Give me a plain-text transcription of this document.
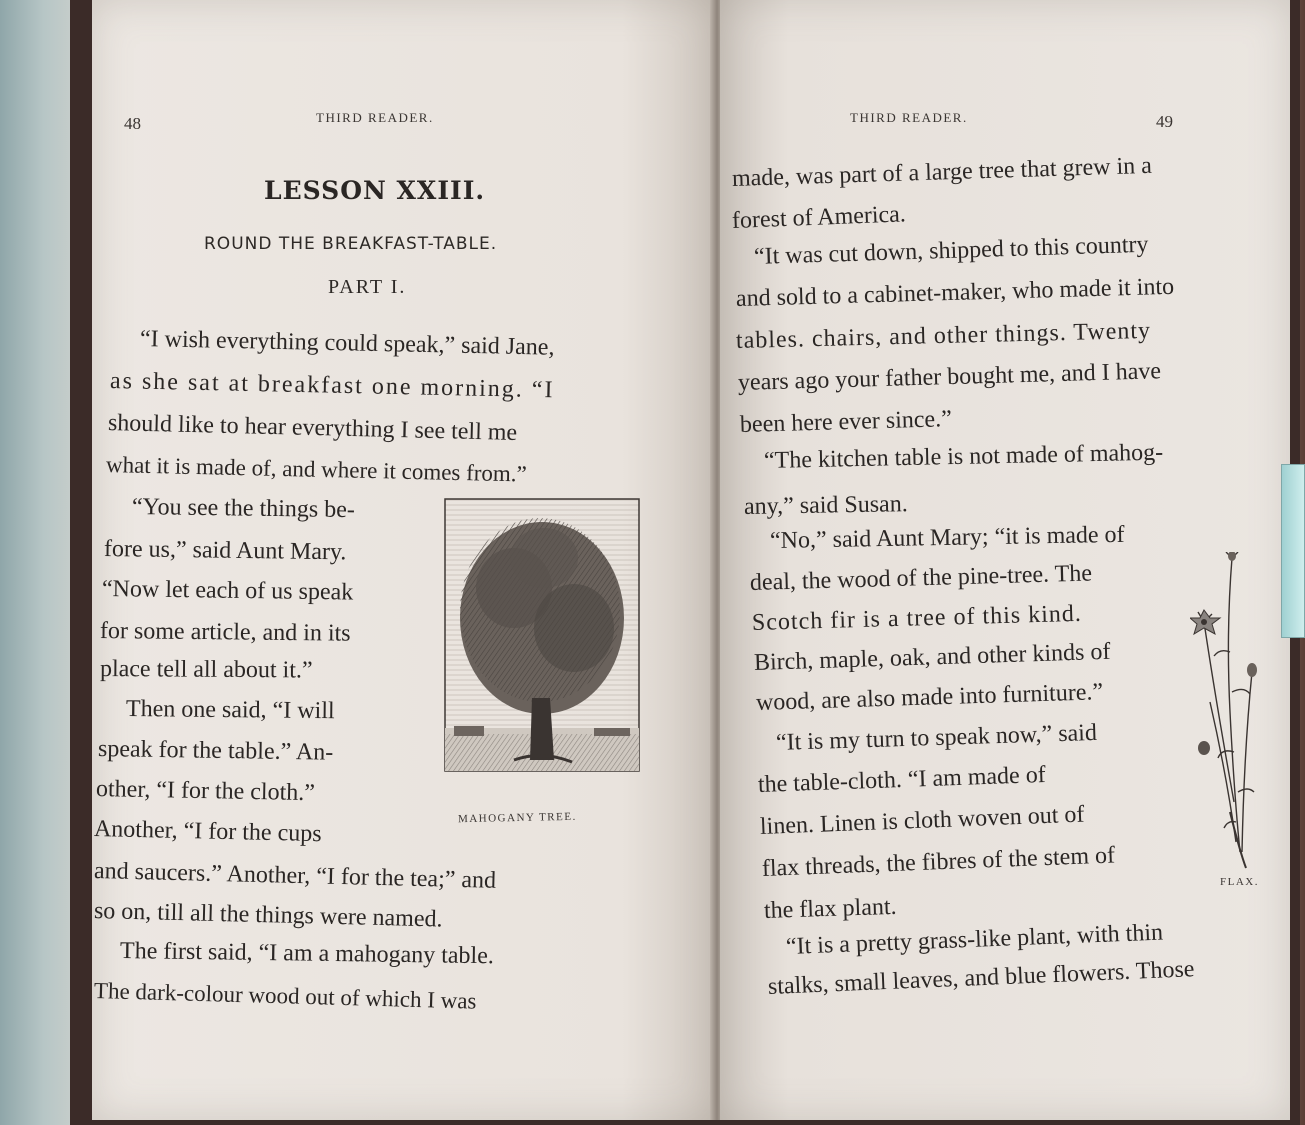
48	THIRD READER.
LESSON XXIII.
ROUND THE BREAKFAST-TABLE.
PART I.
“I wish everything could speak,” said Jane,
as she sat at breakfast one morning. “I
should like to hear everything I see tell me
what it is made of, and where it comes from.”
“You see the things be-
fore us,” said Aunt Mary.
“Now let each of us speak
for some article, and in its
place tell all about it.”
Then one said, “I will
speak for the table.” An-
other, “I for the cloth.”
Another, “I for the cups
and saucers.” Another, “I for the tea;” and
so on, till all the things were named.
The first said, “I am a mahogany table.
The dark-colour wood out of which I was
MAHOGANY TREE.
THIRD READER.	49
made, was part of a large tree that grew in a
forest of America.
“It was cut down, shipped to this country
and sold to a cabinet-maker, who made it into
tables. chairs, and other things. Twenty
years ago your father bought me, and I have
been here ever since.”
“The kitchen table is not made of mahog-
any,” said Susan.
“No,” said Aunt Mary; “it is made of
deal, the wood of the pine-tree. The
Scotch fir is a tree of this kind.
Birch, maple, oak, and other kinds of
wood, are also made into furniture.”
“It is my turn to speak now,” said
the table-cloth. “I am made of
linen. Linen is cloth woven out of
flax threads, the fibres of the stem of
the flax plant.
“It is a pretty grass-like plant, with thin
stalks, small leaves, and blue flowers. Those
FLAX.
